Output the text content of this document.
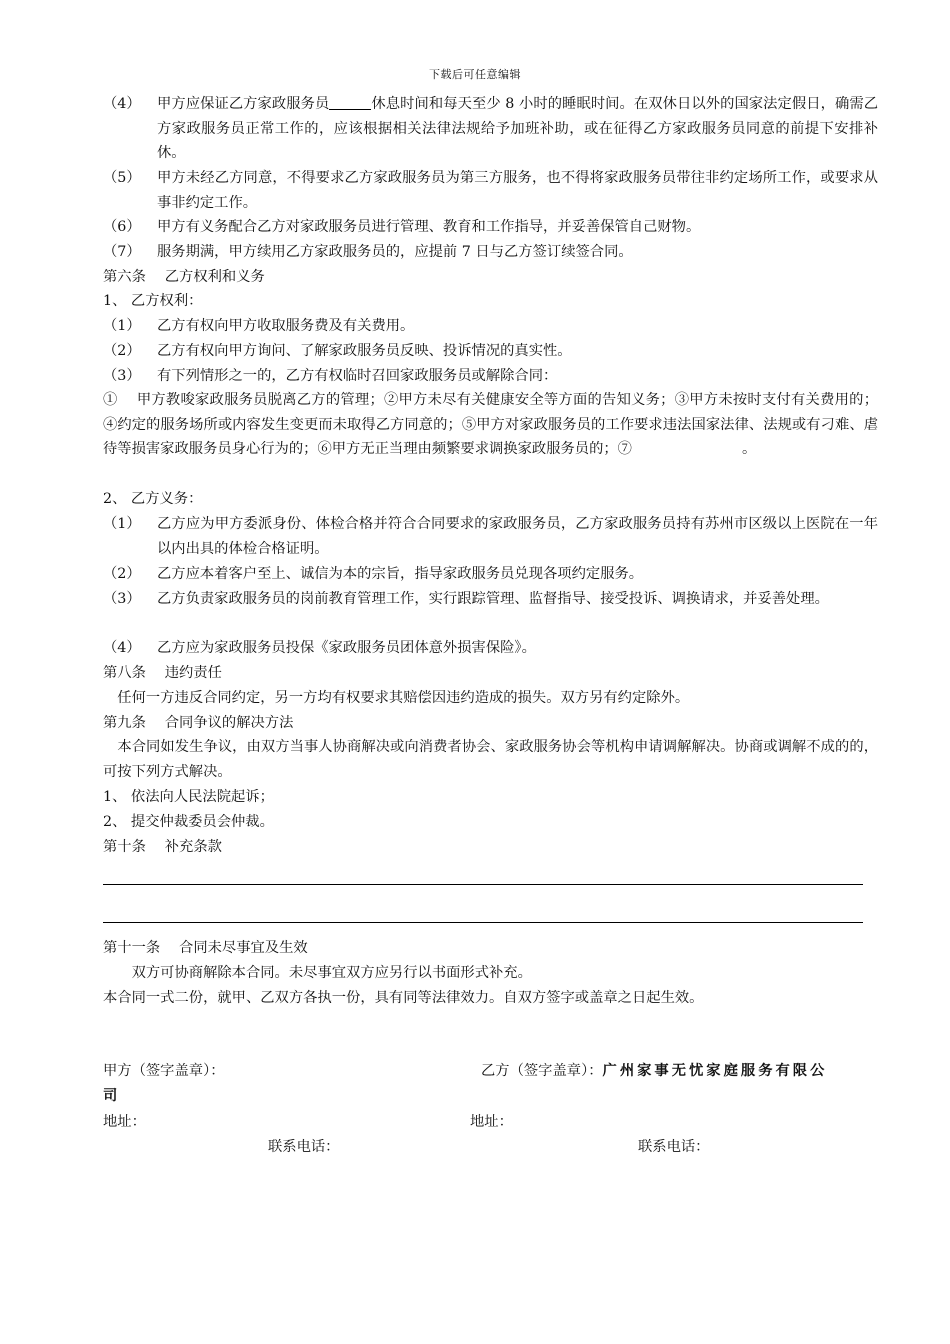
下载后可任意编辑
（4） 甲方应保证乙方家政服务员	休息时间和每天至少 8 小时的睡眠时间。在双休日以外的国家法定假日，确需乙方家政服务员正常工作的，应该根据相关法律法规给予加班补助，或在征得乙方家政服务员同意的前提下安排补休。
（5） 甲方未经乙方同意，不得要求乙方家政服务员为第三方服务，也不得将家政服务员带往非约定场所工作，或要求从事非约定工作。
（6） 甲方有义务配合乙方对家政服务员进行管理、教育和工作指导，并妥善保管自己财物。
（7） 服务期满，甲方续用乙方家政服务员的，应提前 7 日与乙方签订续签合同。
第六条　 乙方权利和义务
1、 乙方权利：
（1） 乙方有权向甲方收取服务费及有关费用。
（2） 乙方有权向甲方询问、了解家政服务员反映、投诉情况的真实性。
（3） 有下列情形之一的，乙方有权临时召回家政服务员或解除合同：
①　 甲方教唆家政服务员脱离乙方的管理；②甲方未尽有关健康安全等方面的告知义务；③甲方未按时支付有关费用的；④约定的服务场所或内容发生变更而未取得乙方同意的；⑤甲方对家政服务员的工作要求违法国家法律、法规或有刁难、虐待等损害家政服务员身心行为的；⑥甲方无正当理由频繁要求调换家政服务员的；⑦	。
2、 乙方义务：
（1） 乙方应为甲方委派身份、体检合格并符合合同要求的家政服务员，乙方家政服务员持有苏州市区级以上医院在一年以内出具的体检合格证明。
（2） 乙方应本着客户至上、诚信为本的宗旨，指导家政服务员兑现各项约定服务。
（3） 乙方负责家政服务员的岗前教育管理工作，实行跟踪管理、监督指导、接受投诉、调换请求，并妥善处理。
（4） 乙方应为家政服务员投保《家政服务员团体意外损害保险》。
第八条　 违约责任
　任何一方违反合同约定，另一方均有权要求其赔偿因违约造成的损失。双方另有约定除外。
第九条　 合同争议的解决方法
　本合同如发生争议，由双方当事人协商解决或向消费者协会、家政服务协会等机构申请调解解决。协商或调解不成的的，可按下列方式解决。
1、 依法向人民法院起诉；
2、 提交仲裁委员会仲裁。
第十条　 补充条款
第十一条　 合同未尽事宜及生效
　　双方可协商解除本合同。未尽事宜双方应另行以书面形式补充。
本合同一式二份，就甲、乙双方各执一份，具有同等法律效力。自双方签字或盖章之日起生效。
甲方（签字盖章）：	乙方（签字盖章）：广州家事无忧家庭服务有限公
司
地址：	地址：
联系电话：	联系电话：
